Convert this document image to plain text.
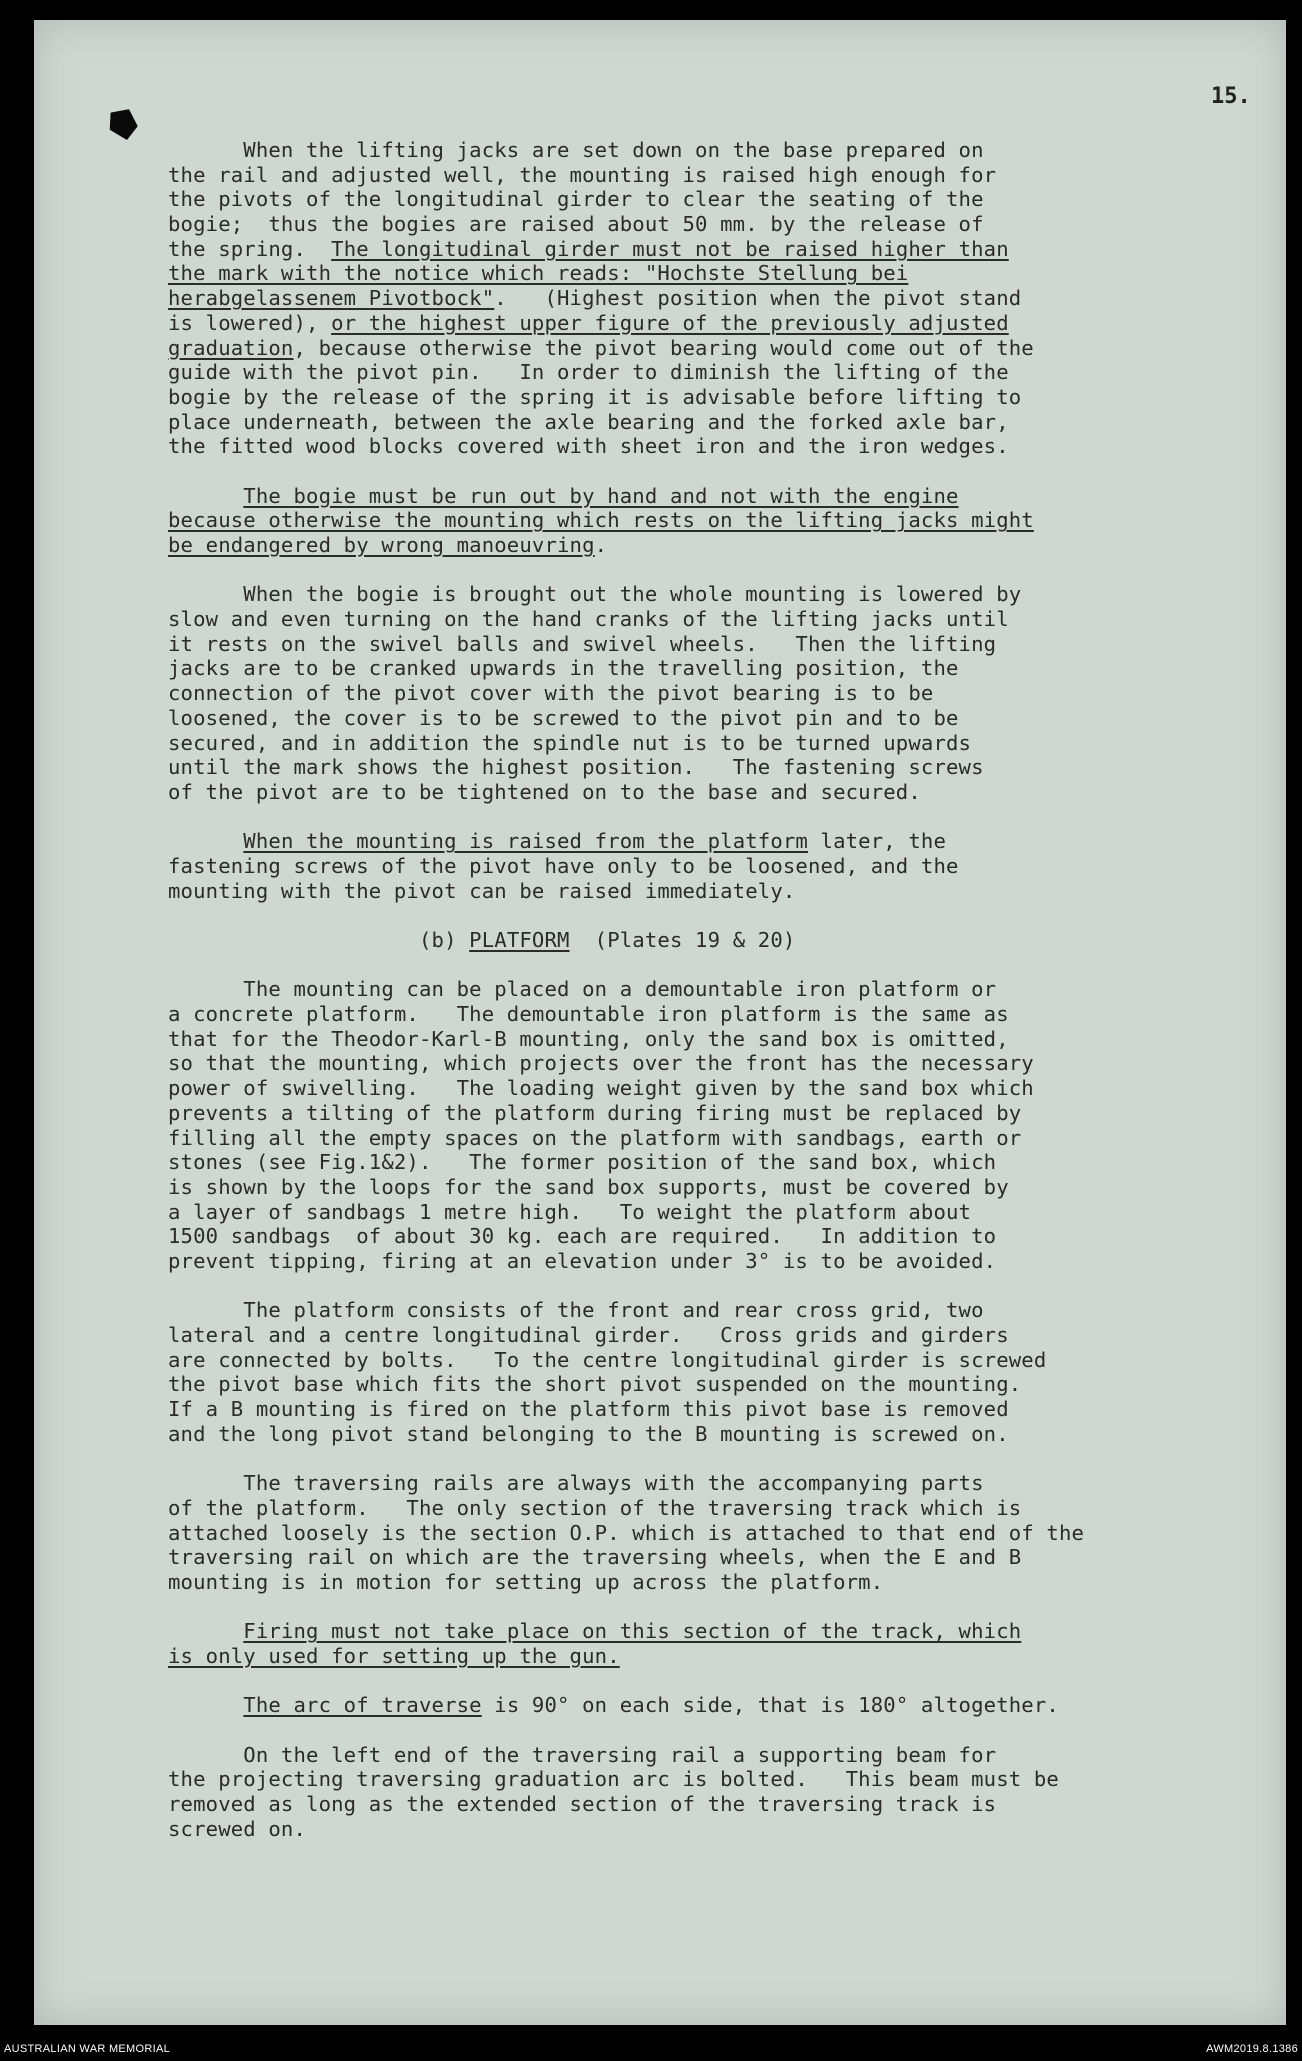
15.
When the lifting jacks are set down on the base prepared on
the rail and adjusted well, the mounting is raised high enough for
the pivots of the longitudinal girder to clear the seating of the
bogie;  thus the bogies are raised about 50 mm. by the release of
the spring.  The longitudinal girder must not be raised higher than
the mark with the notice which reads: "Hochste Stellung bei
herabgelassenem Pivotbock".   (Highest position when the pivot stand
is lowered), or the highest upper figure of the previously adjusted
graduation, because otherwise the pivot bearing would come out of the
guide with the pivot pin.   In order to diminish the lifting of the
bogie by the release of the spring it is advisable before lifting to
place underneath, between the axle bearing and the forked axle bar,
the fitted wood blocks covered with sheet iron and the iron wedges.
The bogie must be run out by hand and not with the engine
because otherwise the mounting which rests on the lifting jacks might
be endangered by wrong manoeuvring.
When the bogie is brought out the whole mounting is lowered by
slow and even turning on the hand cranks of the lifting jacks until
it rests on the swivel balls and swivel wheels.   Then the lifting
jacks are to be cranked upwards in the travelling position, the
connection of the pivot cover with the pivot bearing is to be
loosened, the cover is to be screwed to the pivot pin and to be
secured, and in addition the spindle nut is to be turned upwards
until the mark shows the highest position.   The fastening screws
of the pivot are to be tightened on to the base and secured.
When the mounting is raised from the platform later, the
fastening screws of the pivot have only to be loosened, and the
mounting with the pivot can be raised immediately.
(b) PLATFORM  (Plates 19 & 20)
The mounting can be placed on a demountable iron platform or
a concrete platform.   The demountable iron platform is the same as
that for the Theodor-Karl-B mounting, only the sand box is omitted,
so that the mounting, which projects over the front has the necessary
power of swivelling.   The loading weight given by the sand box which
prevents a tilting of the platform during firing must be replaced by
filling all the empty spaces on the platform with sandbags, earth or
stones (see Fig.1&2).   The former position of the sand box, which
is shown by the loops for the sand box supports, must be covered by
a layer of sandbags 1 metre high.   To weight the platform about
1500 sandbags  of about 30 kg. each are required.   In addition to
prevent tipping, firing at an elevation under 3° is to be avoided.
The platform consists of the front and rear cross grid, two
lateral and a centre longitudinal girder.   Cross grids and girders
are connected by bolts.   To the centre longitudinal girder is screwed
the pivot base which fits the short pivot suspended on the mounting.
If a B mounting is fired on the platform this pivot base is removed
and the long pivot stand belonging to the B mounting is screwed on.
The traversing rails are always with the accompanying parts
of the platform.   The only section of the traversing track which is
attached loosely is the section O.P. which is attached to that end of the
traversing rail on which are the traversing wheels, when the E and B
mounting is in motion for setting up across the platform.
Firing must not take place on this section of the track, which
is only used for setting up the gun.
The arc of traverse is 90° on each side, that is 180° altogether.
On the left end of the traversing rail a supporting beam for
the projecting traversing graduation arc is bolted.   This beam must be
removed as long as the extended section of the traversing track is
screwed on.
AUSTRALIAN WAR MEMORIAL	AWM2019.8.1386
